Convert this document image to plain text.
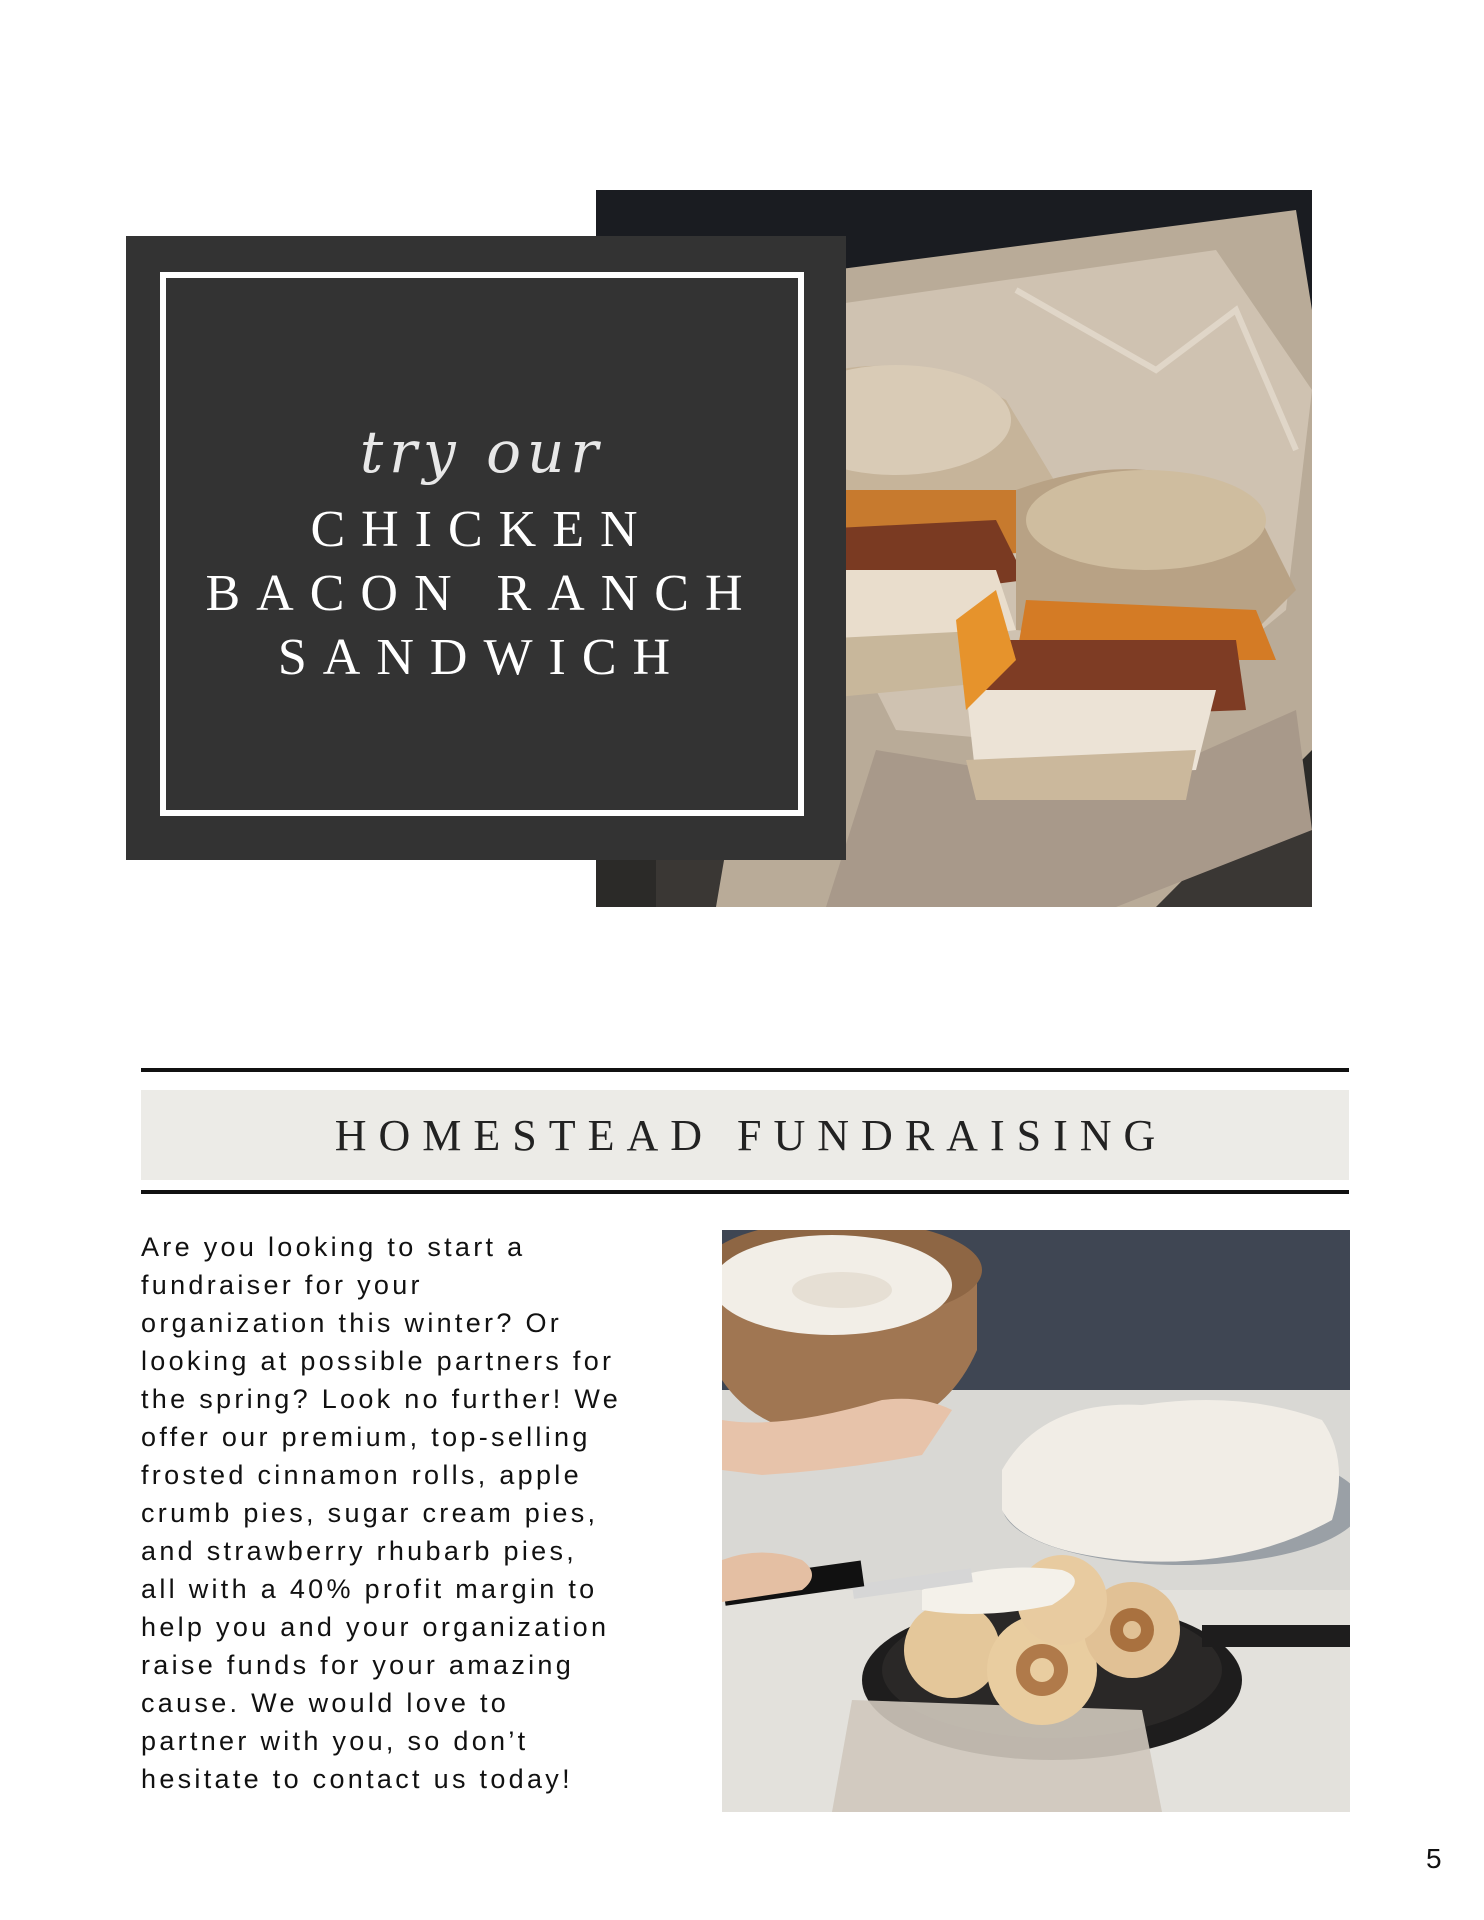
try our
CHICKEN
BACON RANCH
SANDWICH
HOMESTEAD FUNDRAISING
Are you looking to start a
fundraiser for your
organization this winter? Or
looking at possible partners for
the spring? Look no further! We
offer our premium, top-selling
frosted cinnamon rolls, apple
crumb pies, sugar cream pies,
and strawberry rhubarb pies,
all with a 40% profit margin to
help you and your organization
raise funds for your amazing
cause. We would love to
partner with you, so don’t
hesitate to contact us today!
5
